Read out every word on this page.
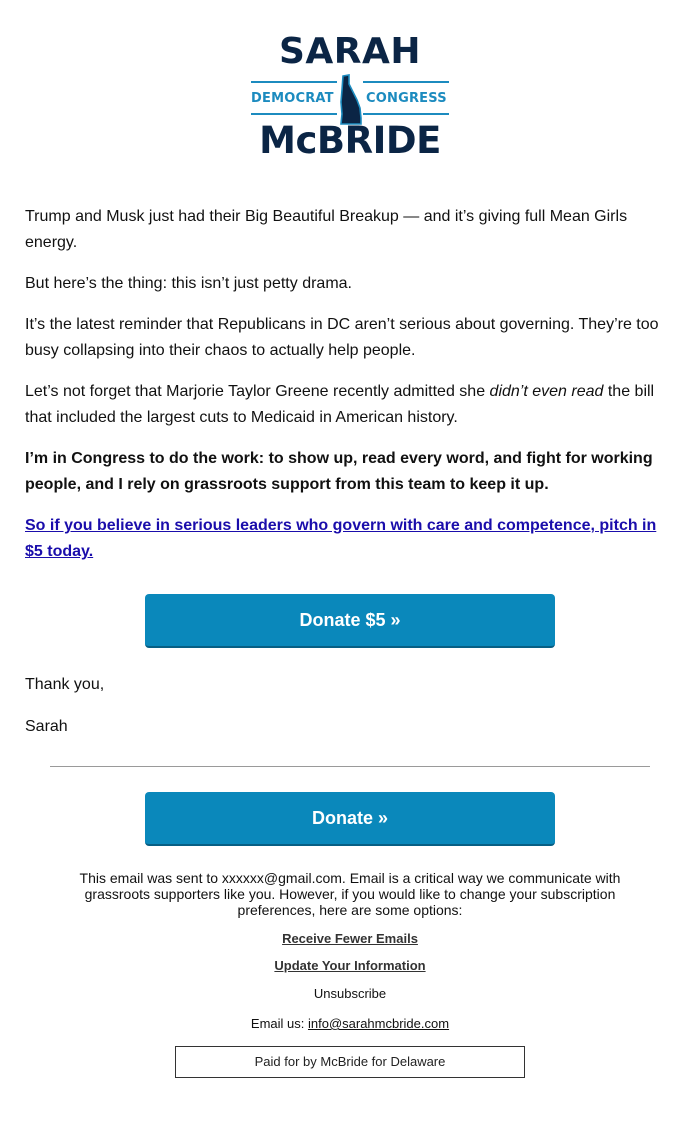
SARAH
DEMOCRAT CONGRESS
McBRIDE

Trump and Musk just had their Big Beautiful Breakup — and it’s giving full Mean Girls energy.

But here’s the thing: this isn’t just petty drama.

It’s the latest reminder that Republicans in DC aren’t serious about governing. They’re too busy collapsing into their chaos to actually help people.

Let’s not forget that Marjorie Taylor Greene recently admitted she didn’t even read the bill that included the largest cuts to Medicaid in American history.

I’m in Congress to do the work: to show up, read every word, and fight for working people, and I rely on grassroots support from this team to keep it up.

So if you believe in serious leaders who govern with care and competence, pitch in $5 today.

Donate $5 »
Thank you,
Sarah
Donate »
This email was sent to xxxxxx@gmail.com. Email is a critical way we communicate with grassroots supporters like you. However, if you would like to change your subscription preferences, here are some options:
Receive Fewer Emails
Update Your Information
Unsubscribe
Email us: info@sarahmcbride.com
Paid for by McBride for Delaware
